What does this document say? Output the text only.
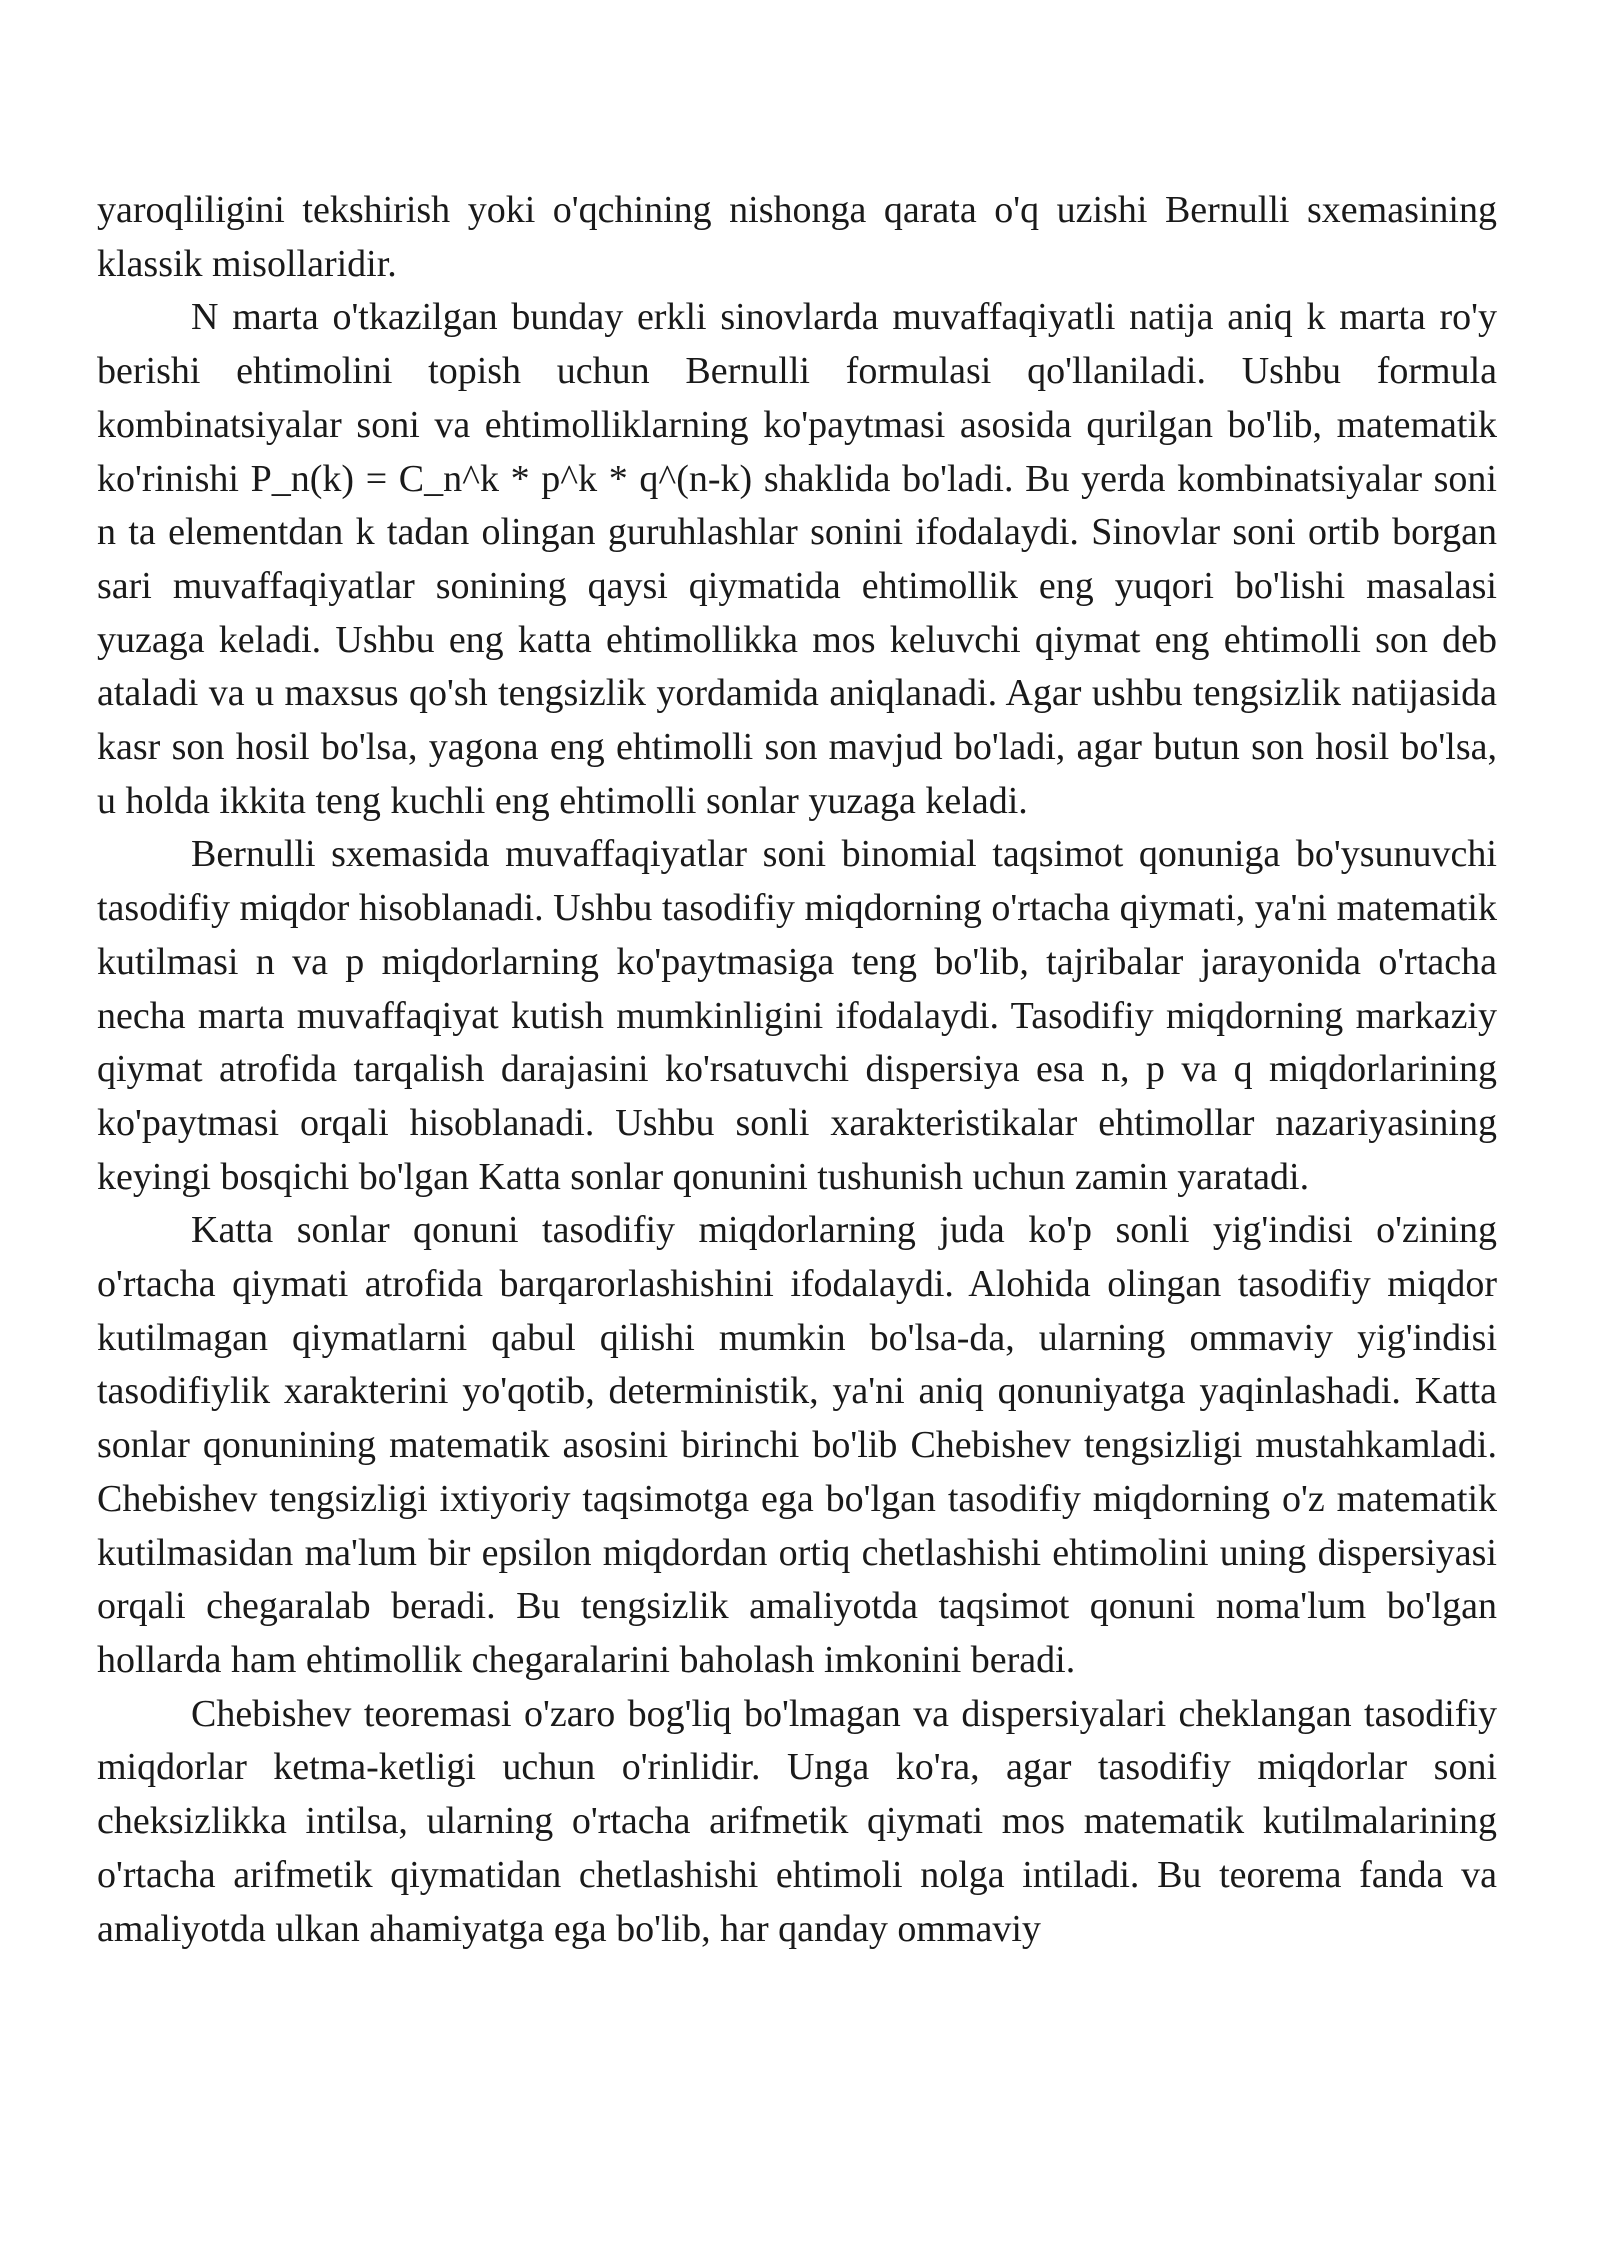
yaroqliligini tekshirish yoki o'qchining nishonga qarata o'q uzishi Bernulli sxemasining klassik misollaridir.

N marta o'tkazilgan bunday erkli sinovlarda muvaffaqiyatli natija aniq k marta ro'y berishi ehtimolini topish uchun Bernulli formulasi qo'llaniladi. Ushbu formula kombinatsiyalar soni va ehtimolliklarning ko'paytmasi asosida qurilgan bo'lib, matematik ko'rinishi P_n(k) = C_n^k * p^k * q^(n-k) shaklida bo'ladi. Bu yerda kombinatsiyalar soni n ta elementdan k tadan olingan guruhlashlar sonini ifodalaydi. Sinovlar soni ortib borgan sari muvaffaqiyatlar sonining qaysi qiymatida ehtimollik eng yuqori bo'lishi masalasi yuzaga keladi. Ushbu eng katta ehtimollikka mos keluvchi qiymat eng ehtimolli son deb ataladi va u maxsus qo'sh tengsizlik yordamida aniqlanadi. Agar ushbu tengsizlik natijasida kasr son hosil bo'lsa, yagona eng ehtimolli son mavjud bo'ladi, agar butun son hosil bo'lsa, u holda ikkita teng kuchli eng ehtimolli sonlar yuzaga keladi.

Bernulli sxemasida muvaffaqiyatlar soni binomial taqsimot qonuniga bo'ysunuvchi tasodifiy miqdor hisoblanadi. Ushbu tasodifiy miqdorning o'rtacha qiymati, ya'ni matematik kutilmasi n va p miqdorlarning ko'paytmasiga teng bo'lib, tajribalar jarayonida o'rtacha necha marta muvaffaqiyat kutish mumkinligini ifodalaydi. Tasodifiy miqdorning markaziy qiymat atrofida tarqalish darajasini ko'rsatuvchi dispersiya esa n, p va q miqdorlarining ko'paytmasi orqali hisoblanadi. Ushbu sonli xarakteristikalar ehtimollar nazariyasining keyingi bosqichi bo'lgan Katta sonlar qonunini tushunish uchun zamin yaratadi.

Katta sonlar qonuni tasodifiy miqdorlarning juda ko'p sonli yig'indisi o'zining o'rtacha qiymati atrofida barqarorlashishini ifodalaydi. Alohida olingan tasodifiy miqdor kutilmagan qiymatlarni qabul qilishi mumkin bo'lsa-da, ularning ommaviy yig'indisi tasodifiylik xarakterini yo'qotib, deterministik, ya'ni aniq qonuniyatga yaqinlashadi. Katta sonlar qonunining matematik asosini birinchi bo'lib Chebishev tengsizligi mustahkamladi. Chebishev tengsizligi ixtiyoriy taqsimotga ega bo'lgan tasodifiy miqdorning o'z matematik kutilmasidan ma'lum bir epsilon miqdordan ortiq chetlashishi ehtimolini uning dispersiyasi orqali chegaralab beradi. Bu tengsizlik amaliyotda taqsimot qonuni noma'lum bo'lgan hollarda ham ehtimollik chegaralarini baholash imkonini beradi.

Chebishev teoremasi o'zaro bog'liq bo'lmagan va dispersiyalari cheklangan tasodifiy miqdorlar ketma-ketligi uchun o'rinlidir. Unga ko'ra, agar tasodifiy miqdorlar soni cheksizlikka intilsa, ularning o'rtacha arifmetik qiymati mos matematik kutilmalarining o'rtacha arifmetik qiymatidan chetlashishi ehtimoli nolga intiladi. Bu teorema fanda va amaliyotda ulkan ahamiyatga ega bo'lib, har qanday ommaviy
